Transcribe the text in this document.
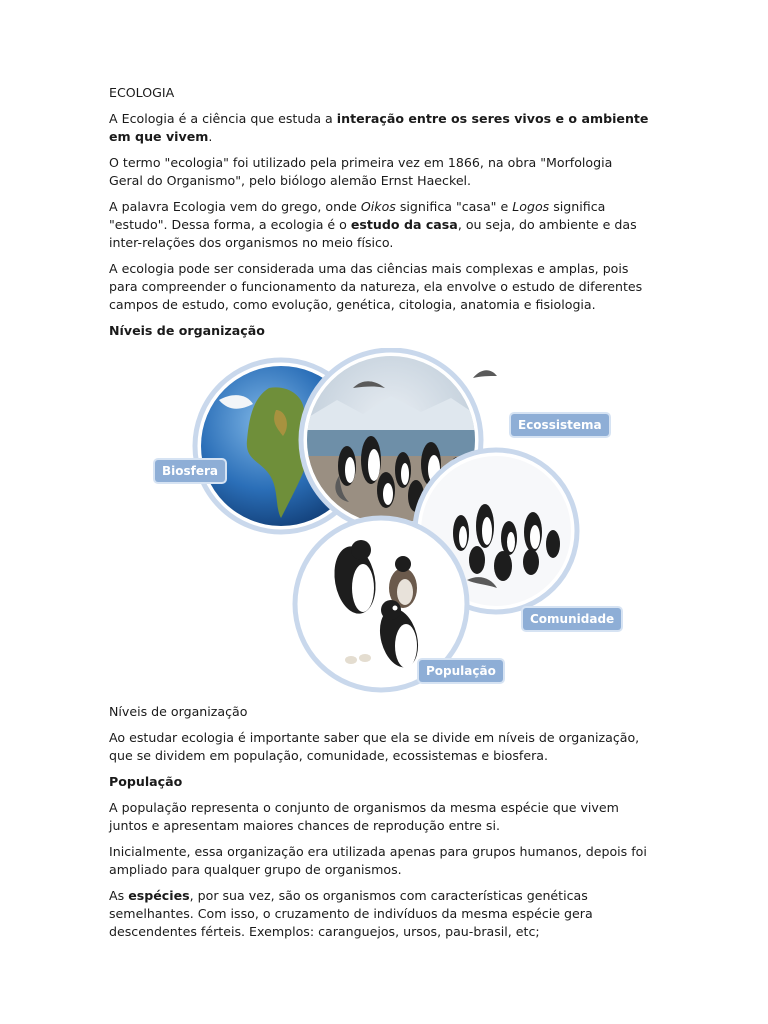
ECOLOGIA

A Ecologia é a ciência que estuda a interação entre os seres vivos e o ambiente em que vivem.

O termo "ecologia" foi utilizado pela primeira vez em 1866, na obra "Morfologia Geral do Organismo", pelo biólogo alemão Ernst Haeckel.

A palavra Ecologia vem do grego, onde Oikos significa "casa" e Logos significa "estudo". Dessa forma, a ecologia é o estudo da casa, ou seja, do ambiente e das inter-relações dos organismos no meio físico.

A ecologia pode ser considerada uma das ciências mais complexas e amplas, pois para compreender o funcionamento da natureza, ela envolve o estudo de diferentes campos de estudo, como evolução, genética, citologia, anatomia e fisiologia.

Níveis de organização

Biosfera
Ecossistema
Comunidade
População

Níveis de organização

Ao estudar ecologia é importante saber que ela se divide em níveis de organização, que se dividem em população, comunidade, ecossistemas e biosfera.

População

A população representa o conjunto de organismos da mesma espécie que vivem juntos e apresentam maiores chances de reprodução entre si.

Inicialmente, essa organização era utilizada apenas para grupos humanos, depois foi ampliado para qualquer grupo de organismos.

As espécies, por sua vez, são os organismos com características genéticas semelhantes. Com isso, o cruzamento de indivíduos da mesma espécie gera descendentes férteis. Exemplos: caranguejos, ursos, pau-brasil, etc;
